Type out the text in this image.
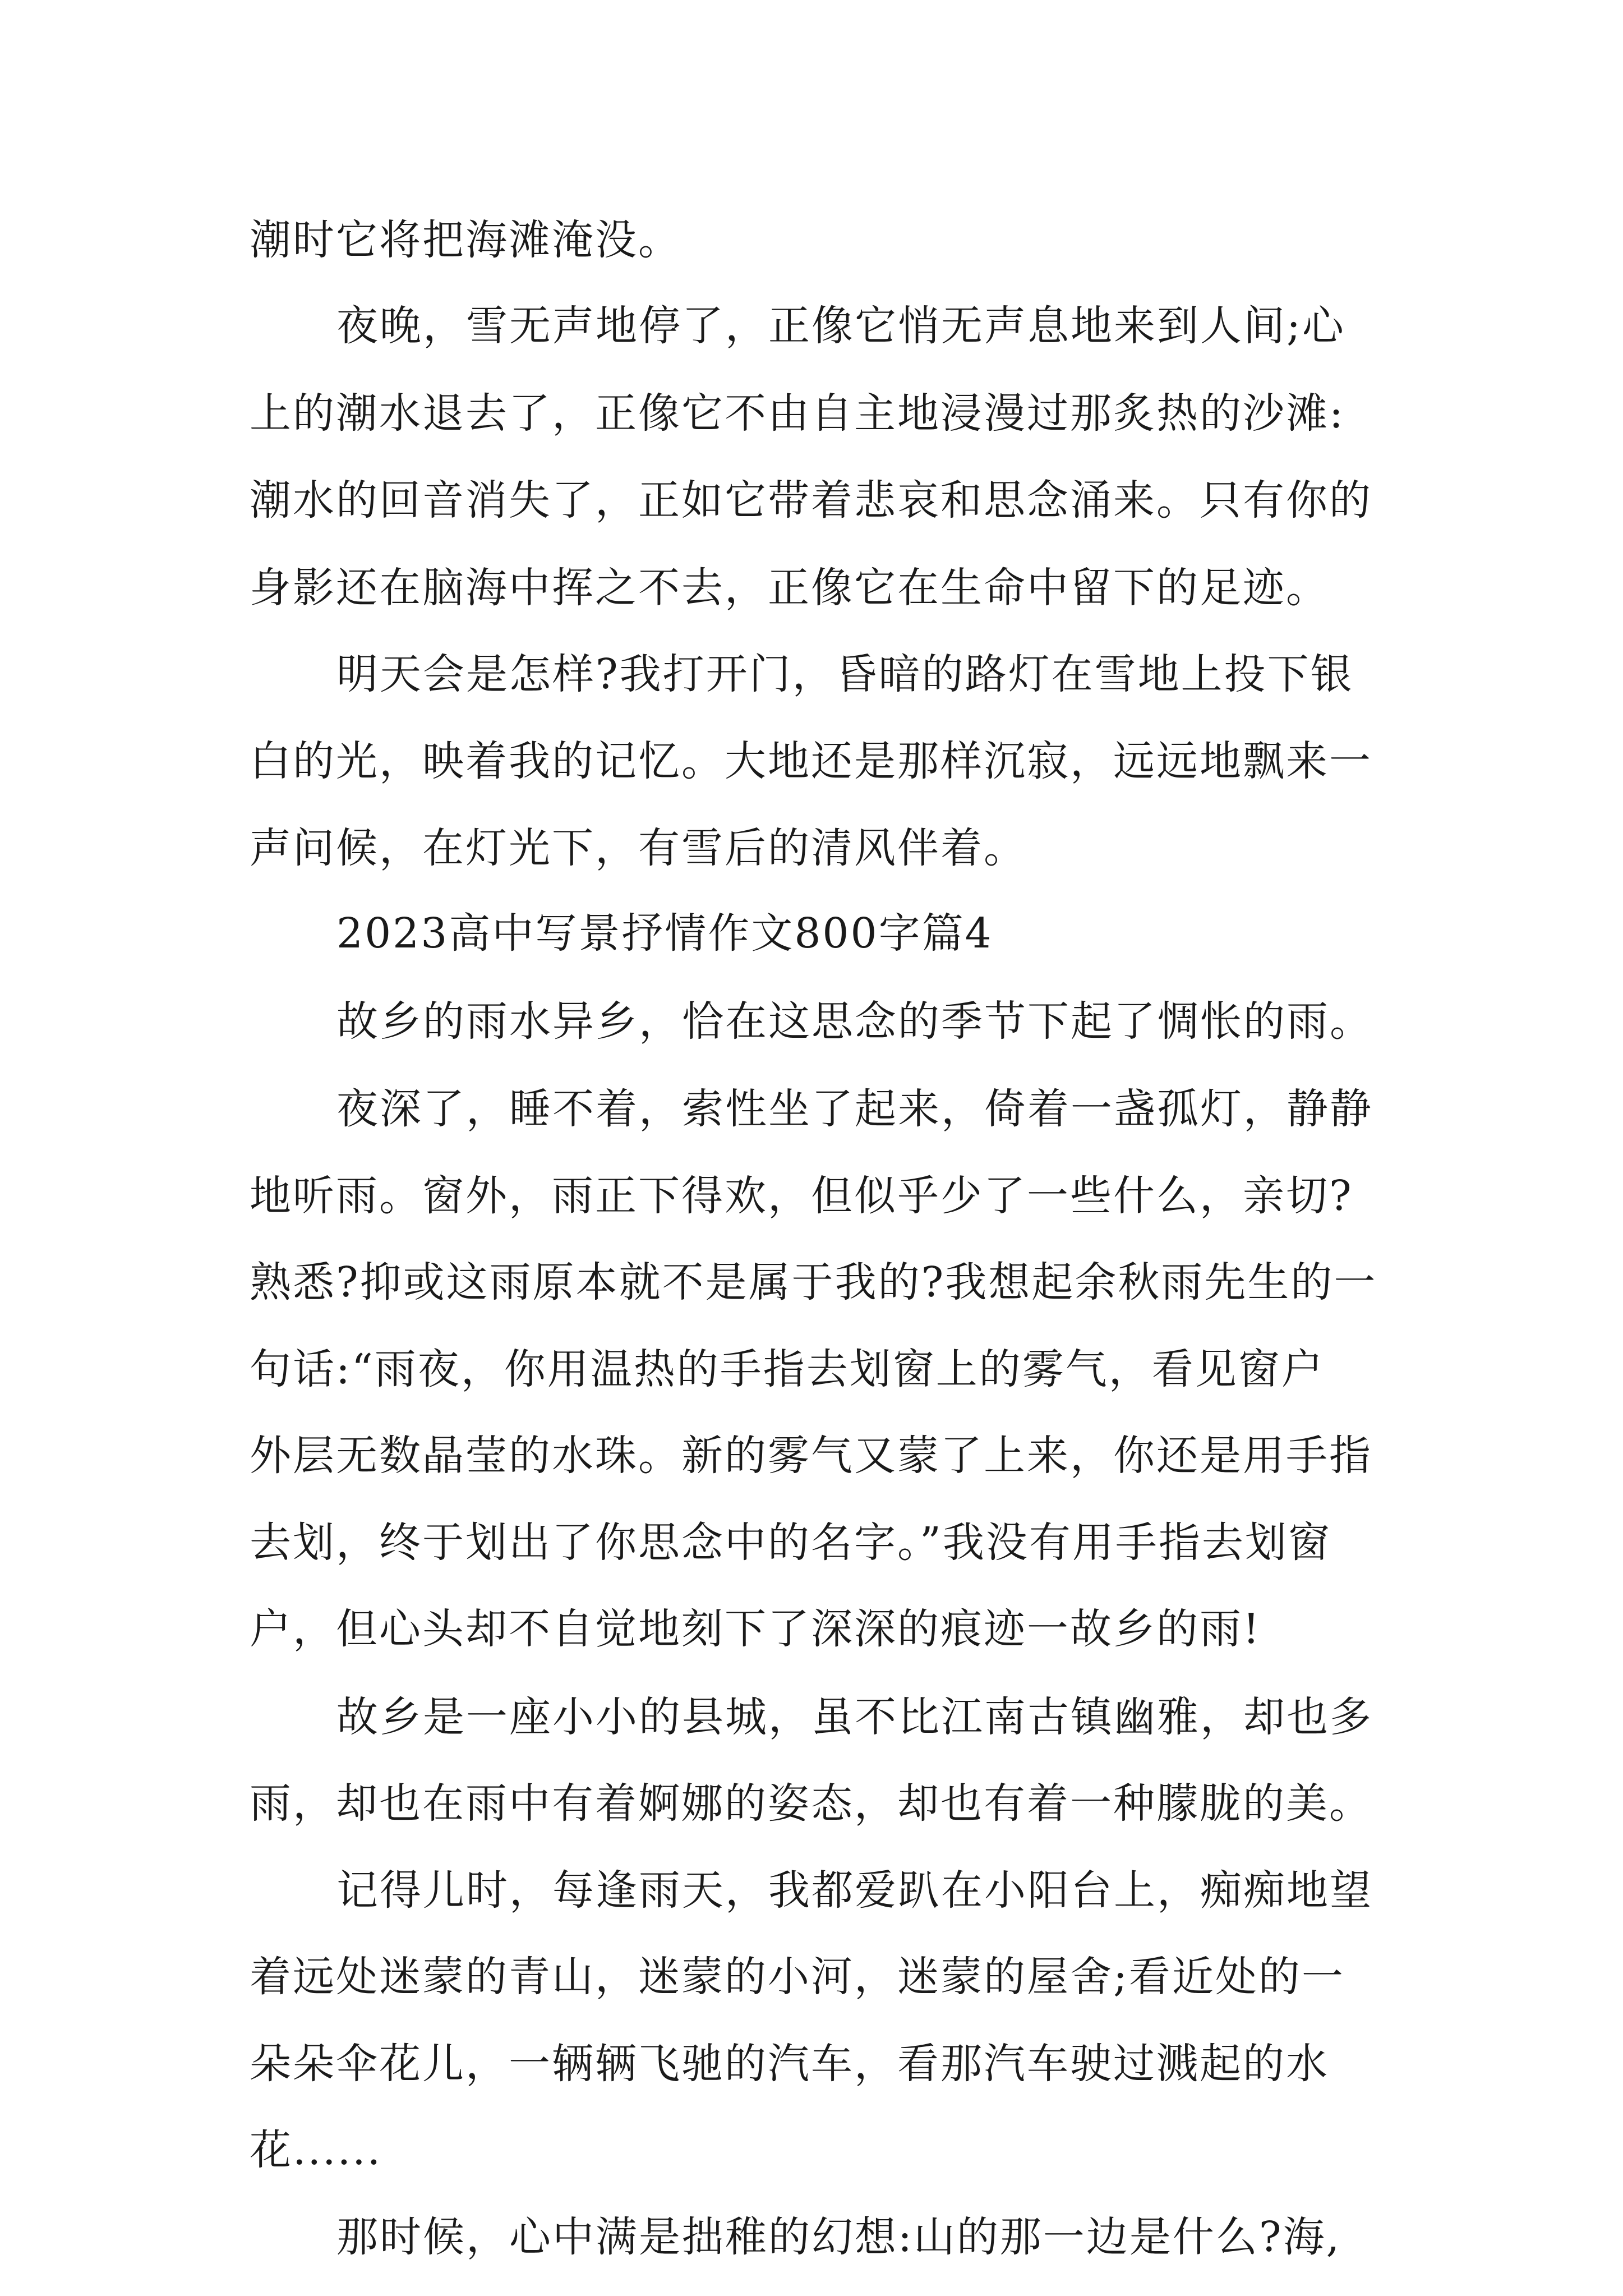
潮时它将把海滩淹没。
夜晚，雪无声地停了，正像它悄无声息地来到人间;心
上的潮水退去了，正像它不由自主地浸漫过那炙热的沙滩:
潮水的回音消失了，正如它带着悲哀和思念涌来。只有你的
身影还在脑海中挥之不去，正像它在生命中留下的足迹。
明天会是怎样?我打开门，昏暗的路灯在雪地上投下银
白的光，映着我的记忆。大地还是那样沉寂，远远地飘来一
声问候，在灯光下，有雪后的清风伴着。
2023高中写景抒情作文800字篇4
故乡的雨水异乡，恰在这思念的季节下起了惆怅的雨。
夜深了，睡不着，索性坐了起来，倚着一盏孤灯，静静
地听雨。窗外，雨正下得欢，但似乎少了一些什么，亲切?
熟悉?抑或这雨原本就不是属于我的?我想起余秋雨先生的一
句话:“雨夜，你用温热的手指去划窗上的雾气，看见窗户
外层无数晶莹的水珠。新的雾气又蒙了上来，你还是用手指
去划，终于划出了你思念中的名字。”我没有用手指去划窗
户，但心头却不自觉地刻下了深深的痕迹一故乡的雨!
故乡是一座小小的县城，虽不比江南古镇幽雅，却也多
雨，却也在雨中有着婀娜的姿态，却也有着一种朦胧的美。
记得儿时，每逢雨天，我都爱趴在小阳台上，痴痴地望
着远处迷蒙的青山，迷蒙的小河，迷蒙的屋舍;看近处的一
朵朵伞花儿，一辆辆飞驰的汽车，看那汽车驶过溅起的水
花......
那时候，心中满是拙稚的幻想:山的那一边是什么?海,
